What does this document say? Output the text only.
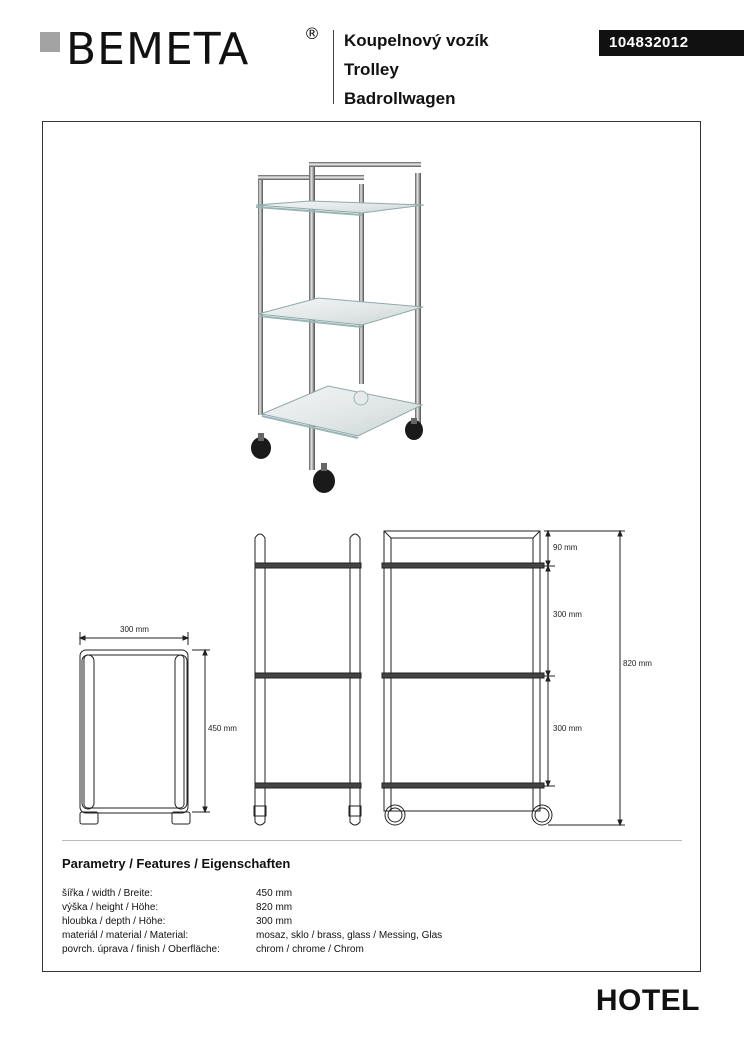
BEMETA	® Koupelnový vozík
Trolley
Badrollwagen
104832012
300 mm
450 mm
90 mm
300 mm
300 mm
820 mm
Parametry / Features / Eigenschaften
šířka / width / Breite:	450 mm
výška / height / Höhe:	820 mm
hloubka / depth / Höhe:	300 mm
materiál / material / Material:	mosaz, sklo / brass, glass / Messing, Glas
povrch. úprava / finish / Oberfläche:	chrom / chrome / Chrom
HOTEL
